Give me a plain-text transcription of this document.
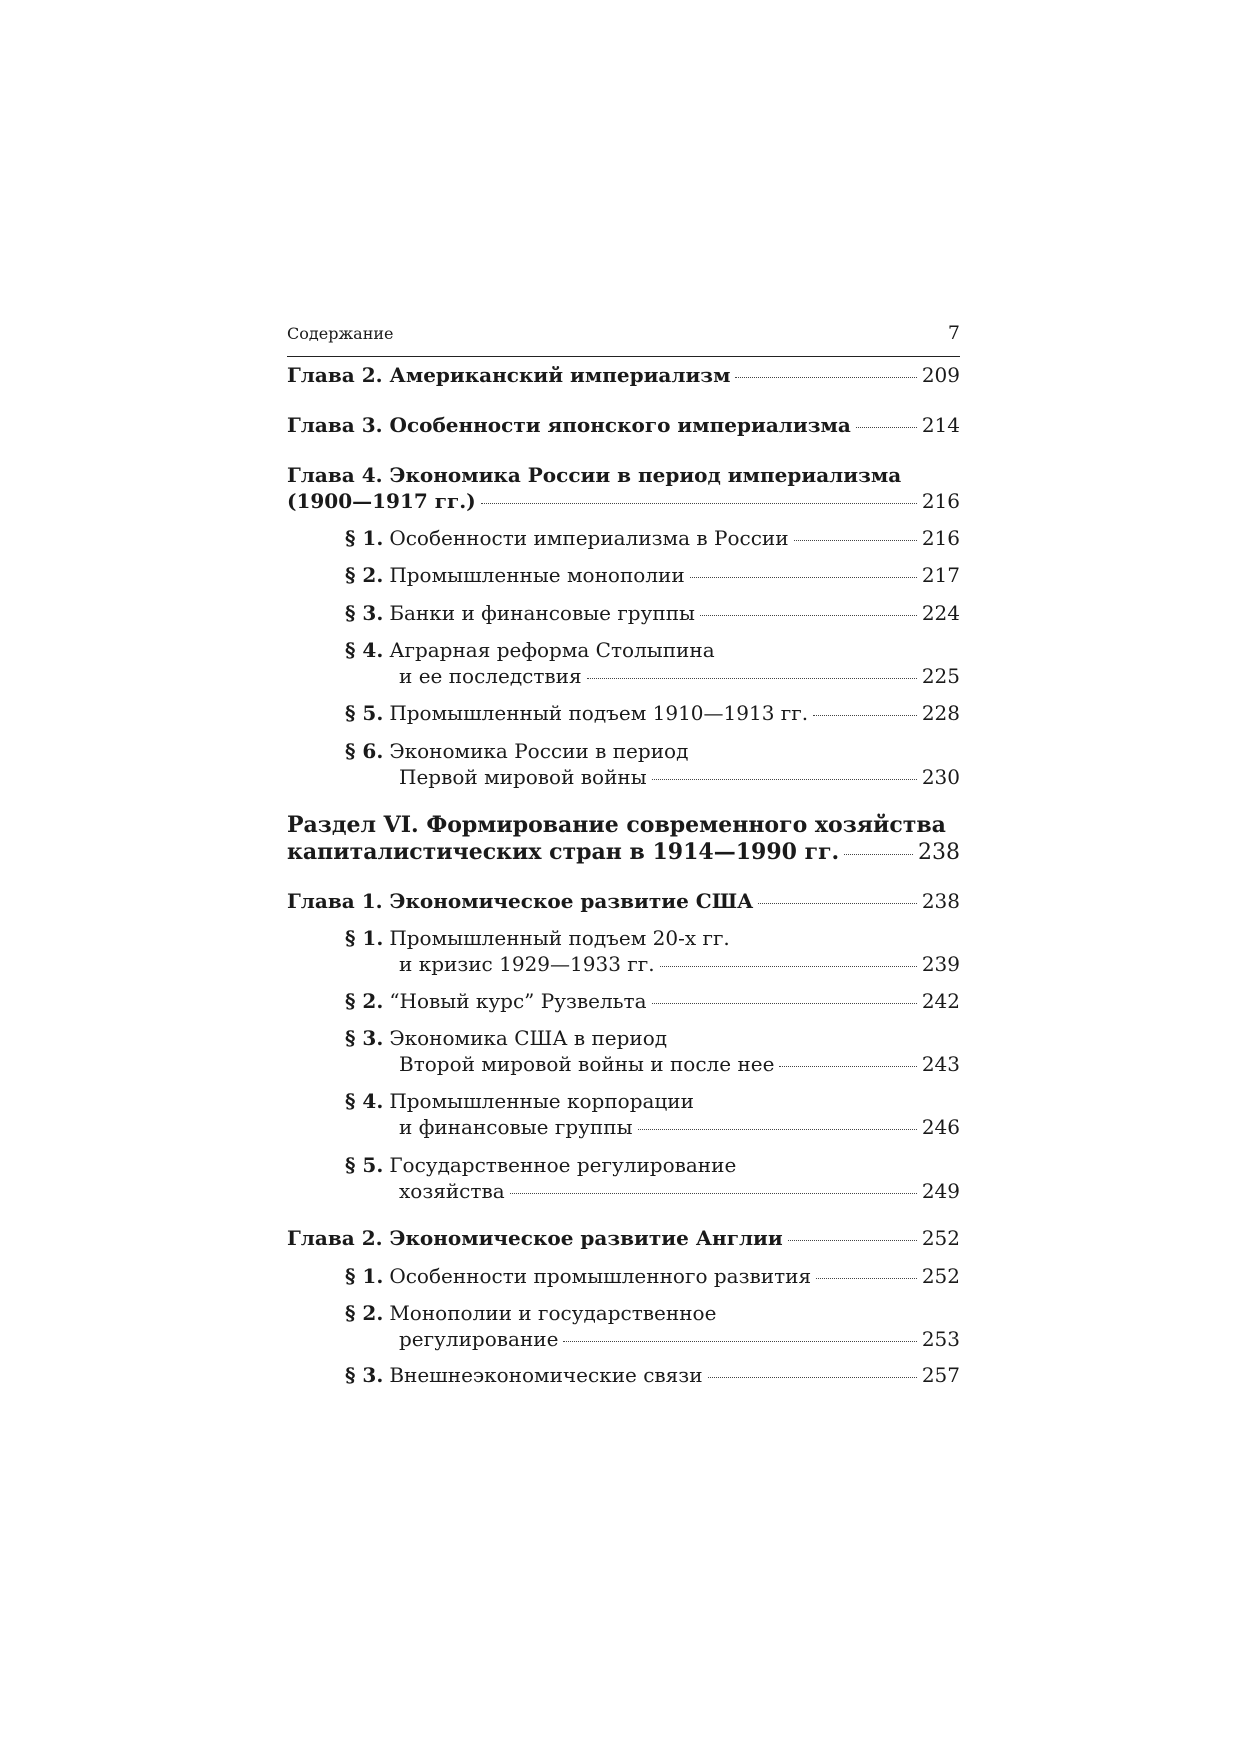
Содержание	7
Глава 2. Американский империализм	209
Глава 3. Особенности японского империализма	214
Глава 4. Экономика России в период империализма
(1900—1917 гг.)	216
§ 1. Особенности империализма в России	216
§ 2. Промышленные монополии	217
§ 3. Банки и финансовые группы	224
§ 4. Аграрная реформа Столыпина
и ее последствия	225
§ 5. Промышленный подъем 1910—1913 гг.	228
§ 6. Экономика России в период
Первой мировой войны	230
Раздел VI. Формирование современного хозяйства
капиталистических стран в 1914—1990 гг.	238
Глава 1. Экономическое развитие США	238
§ 1. Промышленный подъем 20-х гг.
и кризис 1929—1933 гг.	239
§ 2. “Новый курс” Рузвельта	242
§ 3. Экономика США в период
Второй мировой войны и после нее	243
§ 4. Промышленные корпорации
и финансовые группы	246
§ 5. Государственное регулирование
хозяйства	249
Глава 2. Экономическое развитие Англии	252
§ 1. Особенности промышленного развития	252
§ 2. Монополии и государственное
регулирование	253
§ 3. Внешнеэкономические связи	257
